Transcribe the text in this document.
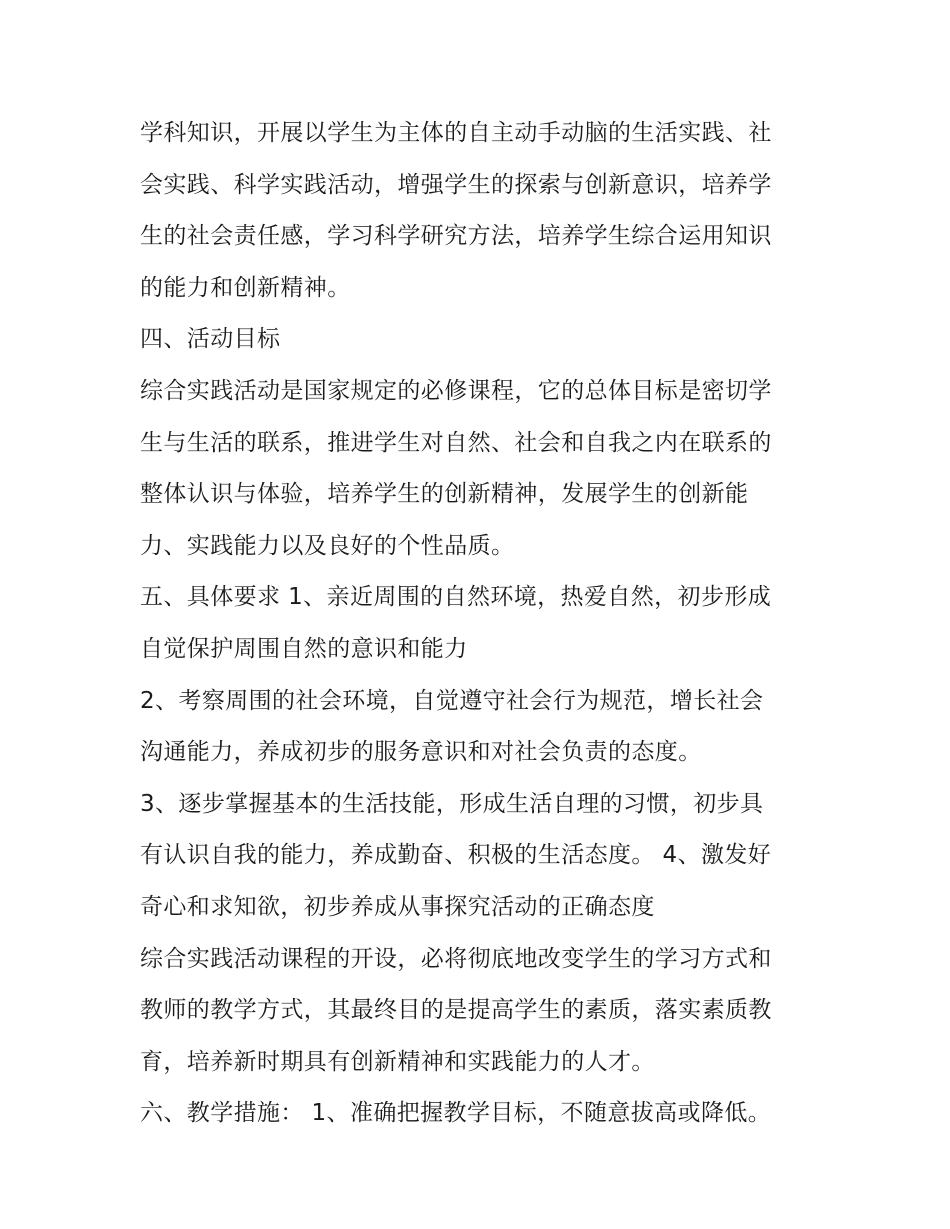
学科知识，开展以学生为主体的自主动手动脑的生活实践、社
会实践、科学实践活动，增强学生的探索与创新意识，培养学
生的社会责任感，学习科学研究方法，培养学生综合运用知识
的能力和创新精神。
四、活动目标
综合实践活动是国家规定的必修课程，它的总体目标是密切学
生与生活的联系，推进学生对自然、社会和自我之内在联系的
整体认识与体验，培养学生的创新精神，发展学生的创新能
力、实践能力以及良好的个性品质。
五、具体要求 1、亲近周围的自然环境，热爱自然，初步形成
自觉保护周围自然的意识和能力
2、考察周围的社会环境，自觉遵守社会行为规范，增长社会
沟通能力，养成初步的服务意识和对社会负责的态度。
3、逐步掌握基本的生活技能，形成生活自理的习惯，初步具
有认识自我的能力，养成勤奋、积极的生活态度。 4、激发好
奇心和求知欲，初步养成从事探究活动的正确态度
综合实践活动课程的开设，必将彻底地改变学生的学习方式和
教师的教学方式，其最终目的是提高学生的素质，落实素质教
育，培养新时期具有创新精神和实践能力的人才。
六、教学措施： 1、准确把握教学目标，不随意拔高或降低。
